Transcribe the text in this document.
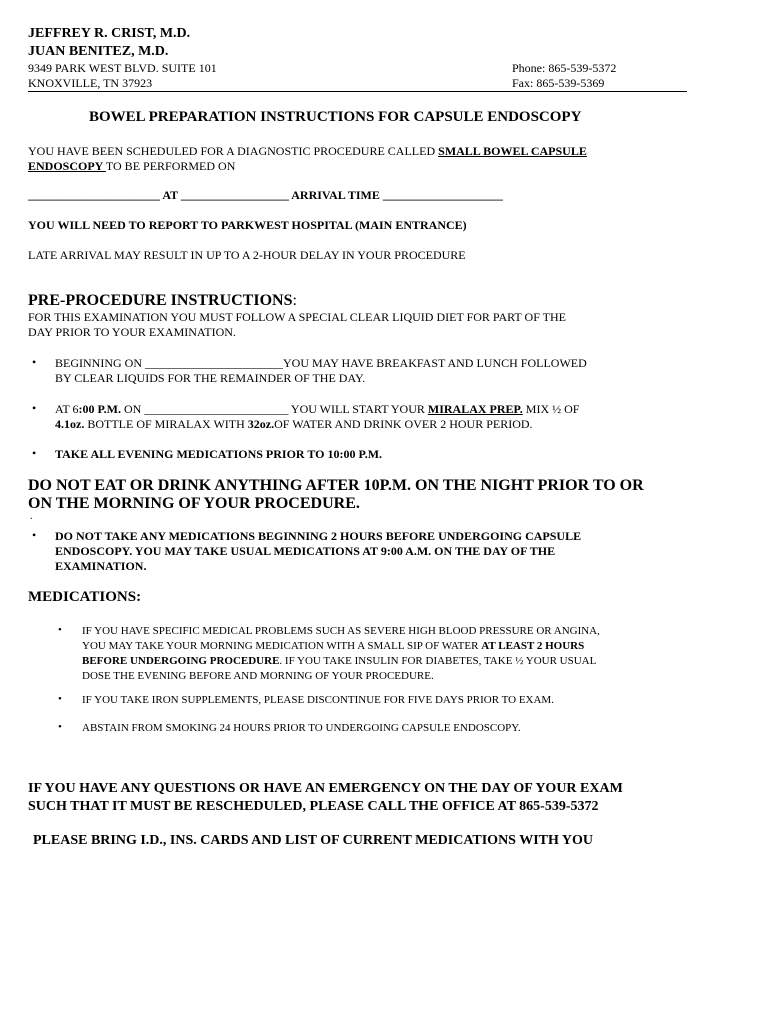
JEFFREY R. CRIST, M.D.
JUAN BENITEZ, M.D.
9349 PARK WEST BLVD. SUITE 101
KNOXVILLE, TN 37923
Phone: 865-539-5372
Fax: 865-539-5369
BOWEL PREPARATION INSTRUCTIONS FOR CAPSULE ENDOSCOPY
YOU HAVE BEEN SCHEDULED FOR A DIAGNOSTIC PROCEDURE CALLED SMALL BOWEL CAPSULE
ENDOSCOPY TO BE PERFORMED ON
______________________ AT __________________ ARRIVAL TIME ____________________
YOU WILL NEED TO REPORT TO PARKWEST HOSPITAL (MAIN ENTRANCE)
LATE ARRIVAL MAY RESULT IN UP TO A 2-HOUR DELAY IN YOUR PROCEDURE
PRE-PROCEDURE INSTRUCTIONS:
FOR THIS EXAMINATION YOU MUST FOLLOW A SPECIAL CLEAR LIQUID DIET FOR PART OF THE
DAY PRIOR TO YOUR EXAMINATION.
• BEGINNING ON _______________________YOU MAY HAVE BREAKFAST AND LUNCH FOLLOWED
BY CLEAR LIQUIDS FOR THE REMAINDER OF THE DAY.
• AT 6:00 P.M. ON ________________________ YOU WILL START YOUR MIRALAX PREP. MIX ½ OF
4.1oz. BOTTLE OF MIRALAX WITH 32oz.OF WATER AND DRINK OVER 2 HOUR PERIOD.
• TAKE ALL EVENING MEDICATIONS PRIOR TO 10:00 P.M.
DO NOT EAT OR DRINK ANYTHING AFTER 10P.M. ON THE NIGHT PRIOR TO OR
ON THE MORNING OF YOUR PROCEDURE.
.
• DO NOT TAKE ANY MEDICATIONS BEGINNING 2 HOURS BEFORE UNDERGOING CAPSULE
ENDOSCOPY. YOU MAY TAKE USUAL MEDICATIONS AT 9:00 A.M. ON THE DAY OF THE
EXAMINATION.
MEDICATIONS:
• IF YOU HAVE SPECIFIC MEDICAL PROBLEMS SUCH AS SEVERE HIGH BLOOD PRESSURE OR ANGINA,
YOU MAY TAKE YOUR MORNING MEDICATION WITH A SMALL SIP OF WATER AT LEAST 2 HOURS
BEFORE UNDERGOING PROCEDURE. IF YOU TAKE INSULIN FOR DIABETES, TAKE ½ YOUR USUAL
DOSE THE EVENING BEFORE AND MORNING OF YOUR PROCEDURE.
• IF YOU TAKE IRON SUPPLEMENTS, PLEASE DISCONTINUE FOR FIVE DAYS PRIOR TO EXAM.
• ABSTAIN FROM SMOKING 24 HOURS PRIOR TO UNDERGOING CAPSULE ENDOSCOPY.
IF YOU HAVE ANY QUESTIONS OR HAVE AN EMERGENCY ON THE DAY OF YOUR EXAM
SUCH THAT IT MUST BE RESCHEDULED, PLEASE CALL THE OFFICE AT 865-539-5372
PLEASE BRING I.D., INS. CARDS AND LIST OF CURRENT MEDICATIONS WITH YOU
